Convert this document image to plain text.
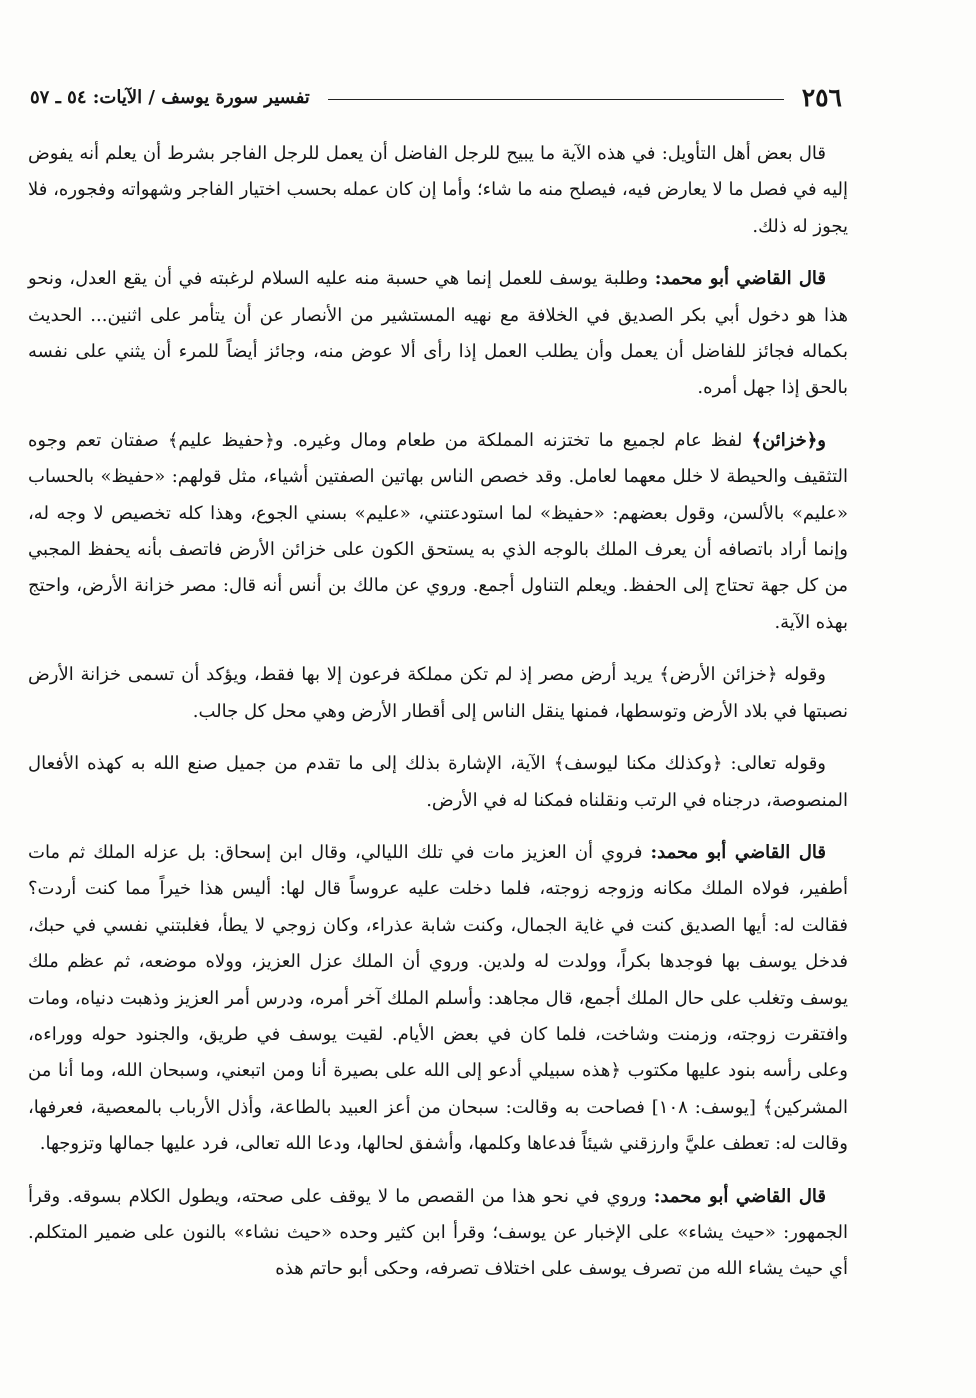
٢٥٦
تفسير سورة يوسف / الآيات: ٥٤ ـ ٥٧

قال بعض أهل التأويل: في هذه الآية ما يبيح للرجل الفاضل أن يعمل للرجل الفاجر بشرط أن يعلم أنه يفوض إليه في فصل ما لا يعارض فيه، فيصلح منه ما شاء؛ وأما إن كان عمله بحسب اختيار الفاجر وشهواته وفجوره، فلا يجوز له ذلك.

قال القاضي أبو محمد: وطلبة يوسف للعمل إنما هي حسبة منه عليه السلام لرغبته في أن يقع العدل، ونحو هذا هو دخول أبي بكر الصديق في الخلافة مع نهيه المستشير من الأنصار عن أن يتأمر على اثنين... الحديث بكماله فجائز للفاضل أن يعمل وأن يطلب العمل إذا رأى ألا عوض منه، وجائز أيضاً للمرء أن يثني على نفسه بالحق إذا جهل أمره.

و﴿خزائن﴾ لفظ عام لجميع ما تختزنه المملكة من طعام ومال وغيره. و﴿حفيظ عليم﴾ صفتان تعم وجوه التثقيف والحيطة لا خلل معهما لعامل. وقد خصص الناس بهاتين الصفتين أشياء، مثل قولهم: «حفيظ» بالحساب «عليم» بالألسن، وقول بعضهم: «حفيظ» لما استودعتني، «عليم» بسني الجوع، وهذا كله تخصيص لا وجه له، وإنما أراد باتصافه أن يعرف الملك بالوجه الذي به يستحق الكون على خزائن الأرض فاتصف بأنه يحفظ المجبي من كل جهة تحتاج إلى الحفظ. ويعلم التناول أجمع. وروي عن مالك بن أنس أنه قال: مصر خزانة الأرض، واحتج بهذه الآية.

وقوله ﴿خزائن الأرض﴾ يريد أرض مصر إذ لم تكن مملكة فرعون إلا بها فقط، ويؤكد أن تسمى خزانة الأرض نصبتها في بلاد الأرض وتوسطها، فمنها ينقل الناس إلى أقطار الأرض وهي محل كل جالب.

وقوله تعالى: ﴿وكذلك مكنا ليوسف﴾ الآية، الإشارة بذلك إلى ما تقدم من جميل صنع الله به كهذه الأفعال المنصوصة، درجناه في الرتب ونقلناه فمكنا له في الأرض.

قال القاضي أبو محمد: فروي أن العزيز مات في تلك الليالي، وقال ابن إسحاق: بل عزله الملك ثم مات أطفير، فولاه الملك مكانه وزوجه زوجته، فلما دخلت عليه عروساً قال لها: أليس هذا خيراً مما كنت أردت؟ فقالت له: أيها الصديق كنت في غاية الجمال، وكنت شابة عذراء، وكان زوجي لا يطأ، فغلبتني نفسي في حبك، فدخل يوسف بها فوجدها بكراً، وولدت له ولدين. وروي أن الملك عزل العزيز، وولاه موضعه، ثم عظم ملك يوسف وتغلب على حال الملك أجمع، قال مجاهد: وأسلم الملك آخر أمره، ودرس أمر العزيز وذهبت دنياه، ومات وافتقرت زوجته، وزمنت وشاخت، فلما كان في بعض الأيام. لقيت يوسف في طريق، والجنود حوله ووراءه، وعلى رأسه بنود عليها مكتوب ﴿هذه سبيلي أدعو إلى الله على بصيرة أنا ومن اتبعني، وسبحان الله، وما أنا من المشركين﴾ [يوسف: ١٠٨] فصاحت به وقالت: سبحان من أعز العبيد بالطاعة، وأذل الأرباب بالمعصية، فعرفها، وقالت له: تعطف عليَّ وارزقني شيئاً فدعاها وكلمها، وأشفق لحالها، ودعا الله تعالى، فرد عليها جمالها وتزوجها.

قال القاضي أبو محمد: وروي في نحو هذا من القصص ما لا يوقف على صحته، ويطول الكلام بسوقه. وقرأ الجمهور: «حيث يشاء» على الإخبار عن يوسف؛ وقرأ ابن كثير وحده «حيث نشاء» بالنون على ضمير المتكلم. أي حيث يشاء الله من تصرف يوسف على اختلاف تصرفه، وحكى أبو حاتم هذه
